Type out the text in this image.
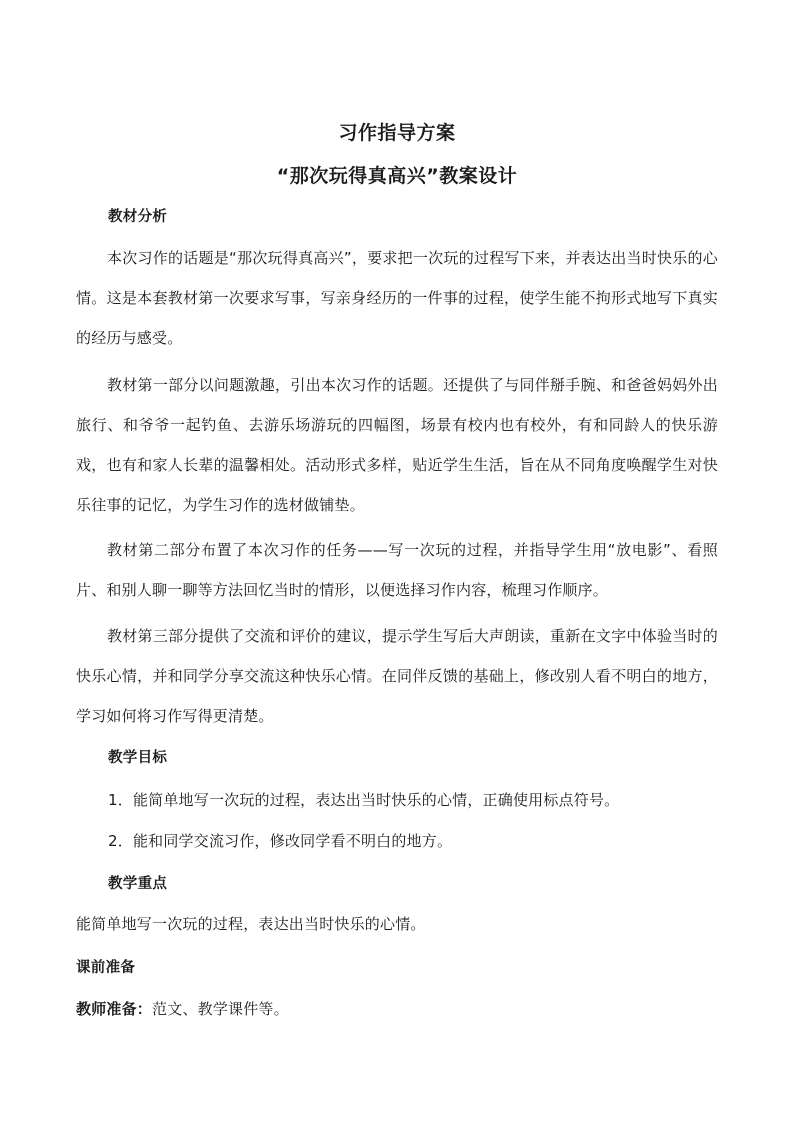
习作指导方案
“那次玩得真高兴”教案设计
教材分析

本次习作的话题是“那次玩得真高兴”，要求把一次玩的过程写下来，并表达出当时快乐的心情。这是本套教材第一次要求写事，写亲身经历的一件事的过程，使学生能不拘形式地写下真实的经历与感受。

教材第一部分以问题激趣，引出本次习作的话题。还提供了与同伴掰手腕、和爸爸妈妈外出旅行、和爷爷一起钓鱼、去游乐场游玩的四幅图，场景有校内也有校外，有和同龄人的快乐游戏，也有和家人长辈的温馨相处。活动形式多样，贴近学生生活，旨在从不同角度唤醒学生对快乐往事的记忆，为学生习作的选材做铺垫。

教材第二部分布置了本次习作的任务——写一次玩的过程，并指导学生用“放电影”、看照片、和别人聊一聊等方法回忆当时的情形，以便选择习作内容，梳理习作顺序。

教材第三部分提供了交流和评价的建议，提示学生写后大声朗读，重新在文字中体验当时的快乐心情，并和同学分享交流这种快乐心情。在同伴反馈的基础上，修改别人看不明白的地方，学习如何将习作写得更清楚。

教学目标
1．能简单地写一次玩的过程，表达出当时快乐的心情，正确使用标点符号。
2．能和同学交流习作，修改同学看不明白的地方。
教学重点
能简单地写一次玩的过程，表达出当时快乐的心情。
课前准备
教师准备：范文、教学课件等。
